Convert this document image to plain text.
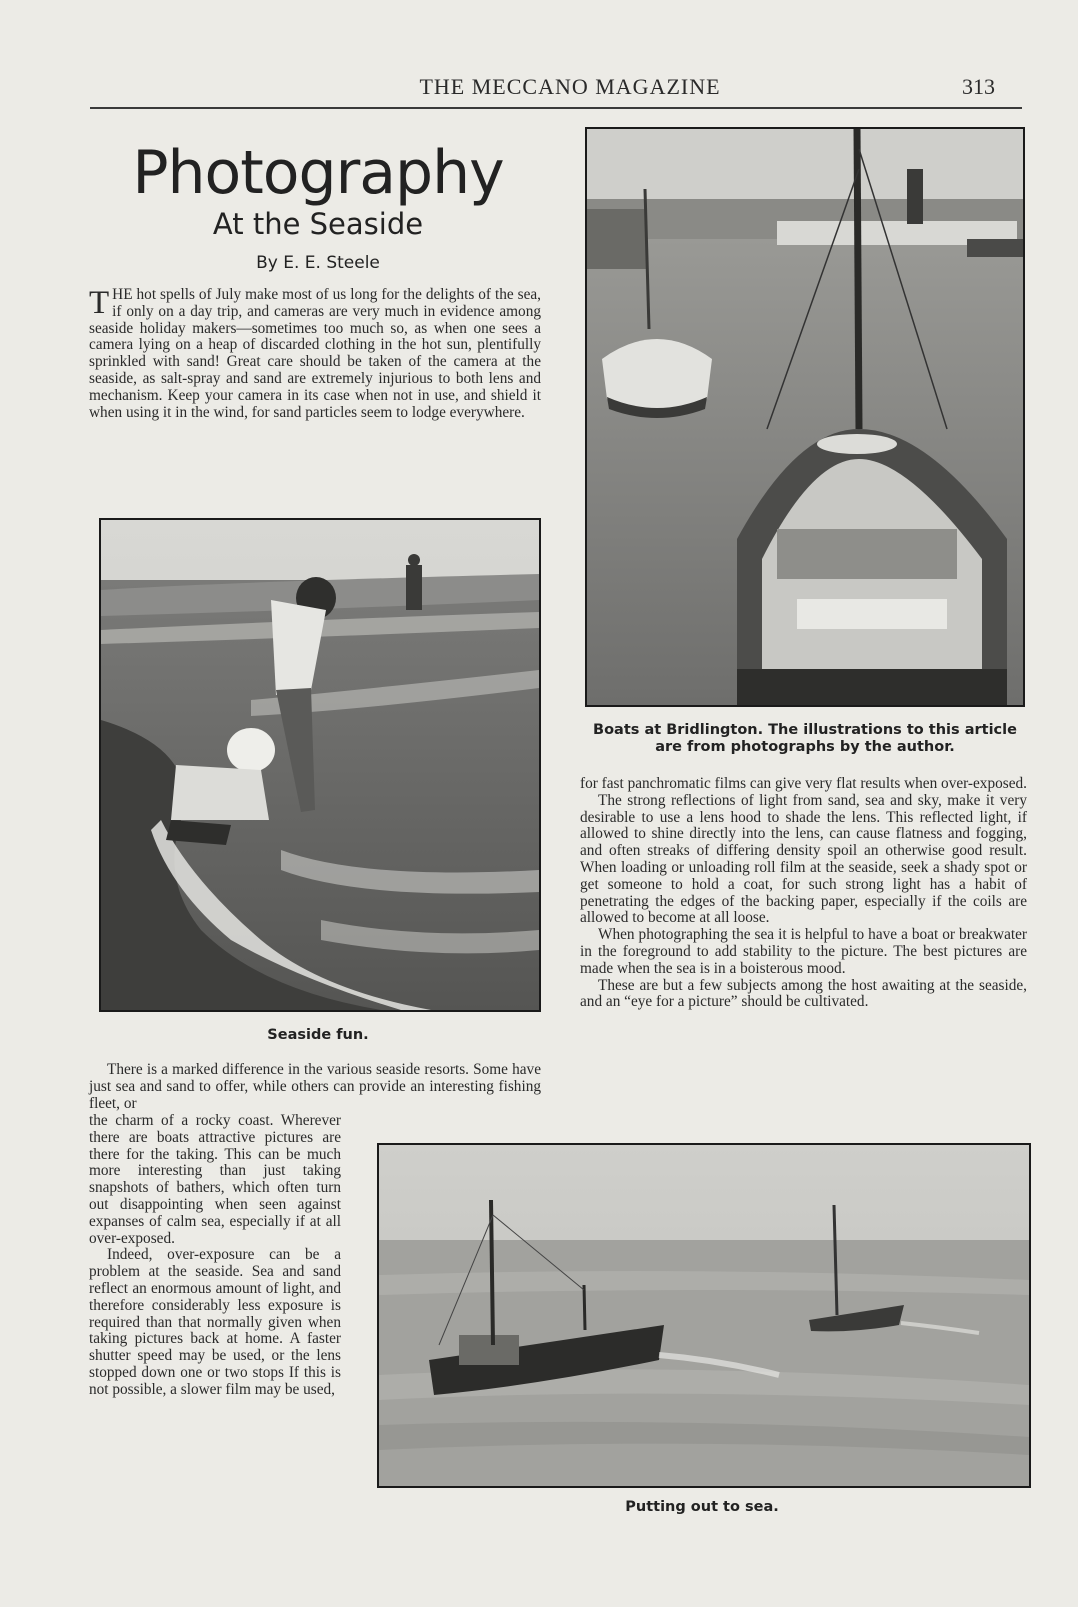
THE MECCANO MAGAZINE	313
Photography
At the Seaside
By E. E. Steele
THE hot spells of July make most of us long for the delights of the sea, if only on a day trip, and cameras are very much in evidence among seaside holiday makers—sometimes too much so, as when one sees a camera lying on a heap of discarded clothing in the hot sun, plentifully sprinkled with sand! Great care should be taken of the camera at the seaside, as salt-spray and sand are extremely injurious to both lens and mechanism. Keep your camera in its case when not in use, and shield it when using it in the wind, for sand particles seem to lodge everywhere.
Seaside fun.
Boats at Bridlington. The illustrations to this article are from photographs by the author.

for fast panchromatic films can give very flat results when over-exposed.

The strong reflections of light from sand, sea and sky, make it very desirable to use a lens hood to shade the lens. This reflected light, if allowed to shine directly into the lens, can cause flatness and fogging, and often streaks of differing density spoil an otherwise good result. When loading or unloading roll film at the seaside, seek a shady spot or get someone to hold a coat, for such strong light has a habit of penetrating the edges of the backing paper, especially if the coils are allowed to become at all loose.

When photographing the sea it is helpful to have a boat or breakwater in the foreground to add stability to the picture. The best pictures are made when the sea is in a boisterous mood.

These are but a few subjects among the host awaiting at the seaside, and an “eye for a picture” should be cultivated.

There is a marked difference in the various seaside resorts. Some have just sea and sand to offer, while others can provide an interesting fishing fleet, or

the charm of a rocky coast. Wherever there are boats attractive pictures are there for the taking. This can be much more interesting than just taking snapshots of bathers, which often turn out disappointing when seen against expanses of calm sea, especially if at all over-exposed.

Indeed, over-exposure can be a problem at the seaside. Sea and sand reflect an enormous amount of light, and therefore considerably less exposure is required than that normally given when taking pictures back at home. A faster shutter speed may be used, or the lens stopped down one or two stops If this is not possible, a slower film may be used,

Putting out to sea.
